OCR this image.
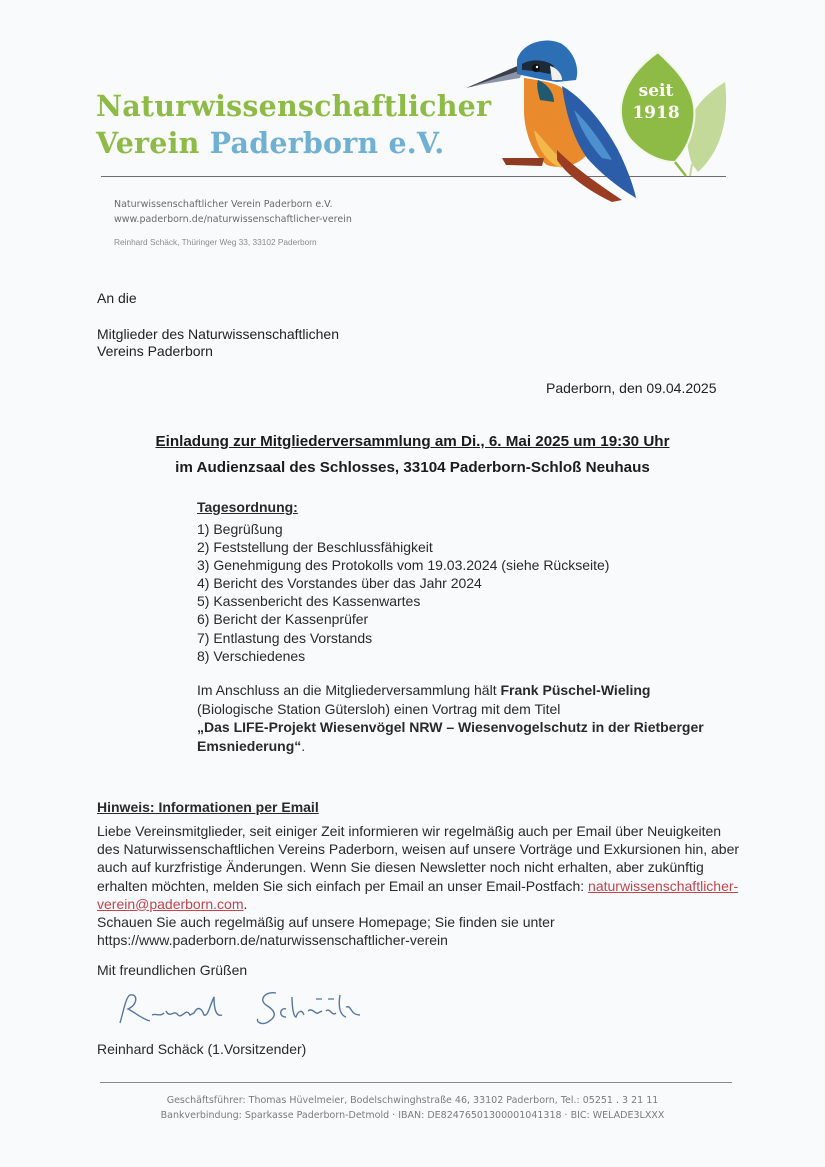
Naturwissenschaftlicher
Verein Paderborn e.V.
seit
1918
Naturwissenschaftlicher Verein Paderborn e.V.
www.paderborn.de/naturwissenschaftlicher-verein
Reinhard Schäck, Thüringer Weg 33, 33102 Paderborn
An die
Mitglieder des Naturwissenschaftlichen
Vereins Paderborn
Paderborn, den 09.04.2025
Einladung zur Mitgliederversammlung am Di., 6. Mai 2025 um 19:30 Uhr
im Audienzsaal des Schlosses, 33104 Paderborn-Schloß Neuhaus
Tagesordnung:
1) Begrüßung
2) Feststellung der Beschlussfähigkeit
3) Genehmigung des Protokolls vom 19.03.2024 (siehe Rückseite)
4) Bericht des Vorstandes über das Jahr 2024
5) Kassenbericht des Kassenwartes
6) Bericht der Kassenprüfer
7) Entlastung des Vorstands
8) Verschiedenes
Im Anschluss an die Mitgliederversammlung hält Frank Püschel-Wieling
(Biologische Station Gütersloh) einen Vortrag mit dem Titel
„Das LIFE-Projekt Wiesenvögel NRW – Wiesenvogelschutz in der Rietberger Emsniederung“.
Hinweis: Informationen per Email
Liebe Vereinsmitglieder, seit einiger Zeit informieren wir regelmäßig auch per Email über Neuigkeiten des Naturwissenschaftlichen Vereins Paderborn, weisen auf unsere Vorträge und Exkursionen hin, aber auch auf kurzfristige Änderungen. Wenn Sie diesen Newsletter noch nicht erhalten, aber zukünftig erhalten möchten, melden Sie sich einfach per Email an unser Email-Postfach: naturwissenschaftlicher-verein@paderborn.com.
Schauen Sie auch regelmäßig auf unsere Homepage; Sie finden sie unter
https://www.paderborn.de/naturwissenschaftlicher-verein
Mit freundlichen Grüßen
Reinhard Schäck (1.Vorsitzender)
Geschäftsführer: Thomas Hüvelmeier, Bodelschwinghstraße 46, 33102 Paderborn, Tel.: 05251 . 3 21 11
Bankverbindung: Sparkasse Paderborn-Detmold · IBAN: DE82476501300001041318 · BIC: WELADE3LXXX
